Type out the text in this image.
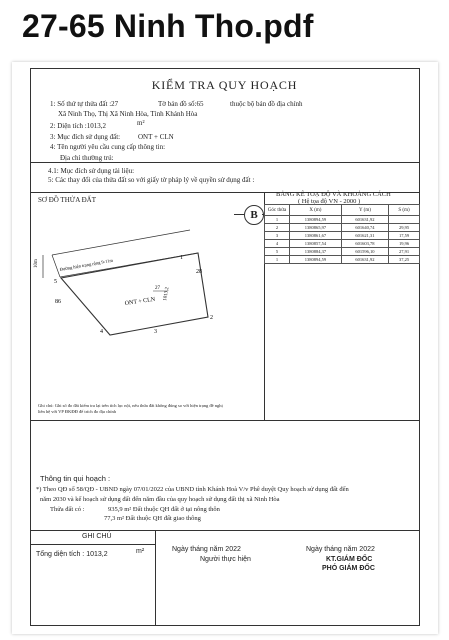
27-65 Ninh Tho.pdf
KIỂM TRA QUY HOẠCH
1: Số thứ tự thửa đất :27	Tờ bản đồ số:65	thuộc bộ bản đồ địa chính
Xã Ninh Thọ, Thị Xã Ninh Hòa, Tỉnh Khánh Hòa
2: Diện tích :1013,2	m²
3: Mục đích sử dụng đất:	ONT + CLN
4: Tên người yêu cầu cung cấp thông tin:
Địa chỉ thường trú:
4.1: Mục đích sử dụng tài liệu:
5: Các thay đổi của thửa đất so với giấy tờ pháp lý về quyền sử dụng đất :
SƠ ĐỒ THỬA ĐẤT
B
BẢNG KÊ TOẠ ĐỘ VÀ KHOẢNG CÁCH
( Hệ tọa độ VN - 2000 )
Góc thửa	X (m)	Y (m)	S (m)
1	1380894,59	601631,92	
2	1380865,97	601640,74	29,95
3	1380861,67	601621,31	17,59
4	1380857,54	601603,78	19,96
5	1380884,37	601596,10	27,91
1	1380894,59	601631,92	37,25
Đường hiện trạng rộng 9-11m
10m
ONT + CLN
27 1013,2
86
28
5
1
4
2
3
Ghi chú: Ghi số đo đất kiểm tra lại trên tích lục nội, nếu thửa đất không đúng so với hiện trạng đề nghị
liên hệ với VP ĐKĐĐ để trích đo địa chính
Thông tin qui hoạch :
*) Theo QĐ số 58/QĐ - UBND ngày 07/01/2022 của UBND tỉnh Khánh Hoà V/v Phê duyệt Quy hoạch sử dụng đất đến
năm 2030 và kế hoạch sử dụng đất đến năm đầu của quy hoạch sử dụng đất thị xã Ninh Hòa
Thửa đất có :	935,9 m² Đất thuộc QH đất ở tại nông thôn
77,3 m² Đất thuộc QH đất giao thông
GHI CHÚ
Tổng diện tích : 1013,2	m²	Ngày tháng năm 2022
Người thực hiện
Ngày tháng năm 2022
KT.GIÁM ĐỐC
PHÓ GIÁM ĐỐC
